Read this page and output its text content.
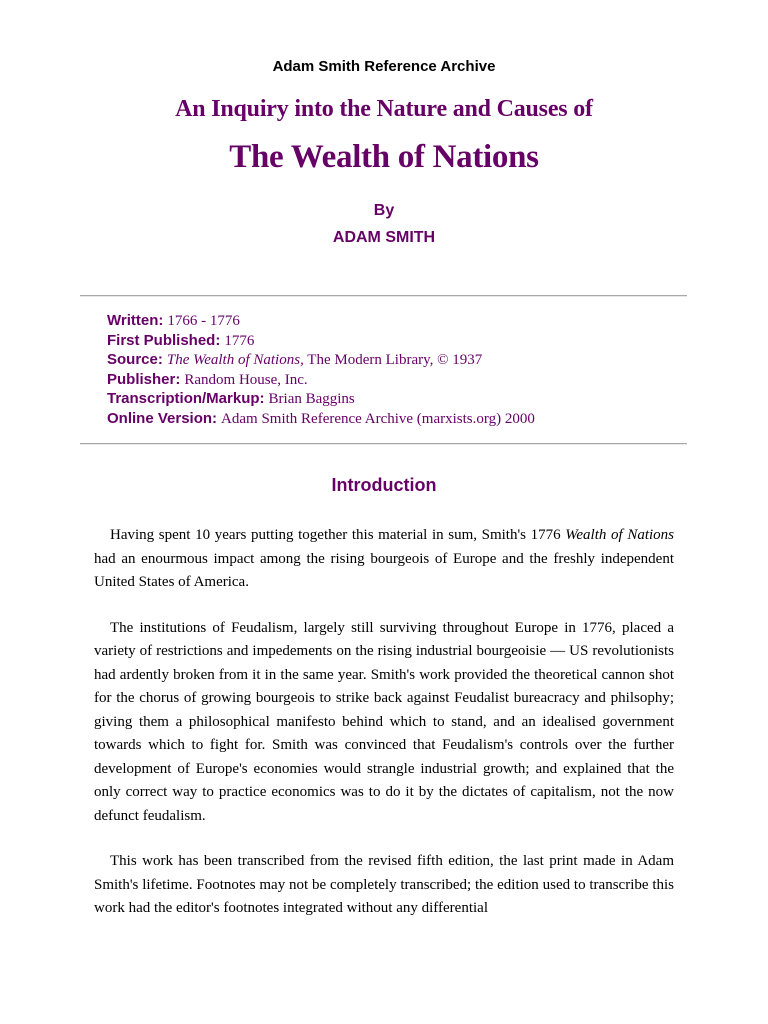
Adam Smith Reference Archive
An Inquiry into the Nature and Causes of
The Wealth of Nations
By
ADAM SMITH
Written: 1766 - 1776
First Published: 1776
Source: The Wealth of Nations, The Modern Library, © 1937
Publisher: Random House, Inc.
Transcription/Markup: Brian Baggins
Online Version: Adam Smith Reference Archive (marxists.org) 2000
Introduction

Having spent 10 years putting together this material in sum, Smith's 1776 Wealth of Nations had an enourmous impact among the rising bourgeois of Europe and the freshly independent United States of America.

The institutions of Feudalism, largely still surviving throughout Europe in 1776, placed a variety of restrictions and impedements on the rising industrial bourgeoisie — US revolutionists had ardently broken from it in the same year. Smith's work provided the theoretical cannon shot for the chorus of growing bourgeois to strike back against Feudalist bureacracy and philsophy; giving them a philosophical manifesto behind which to stand, and an idealised government towards which to fight for. Smith was convinced that Feudalism's controls over the further development of Europe's economies would strangle industrial growth; and explained that the only correct way to practice economics was to do it by the dictates of capitalism, not the now defunct feudalism.

This work has been transcribed from the revised fifth edition, the last print made in Adam Smith's lifetime. Footnotes may not be completely transcribed; the edition used to transcribe this work had the editor's footnotes integrated without any differential
